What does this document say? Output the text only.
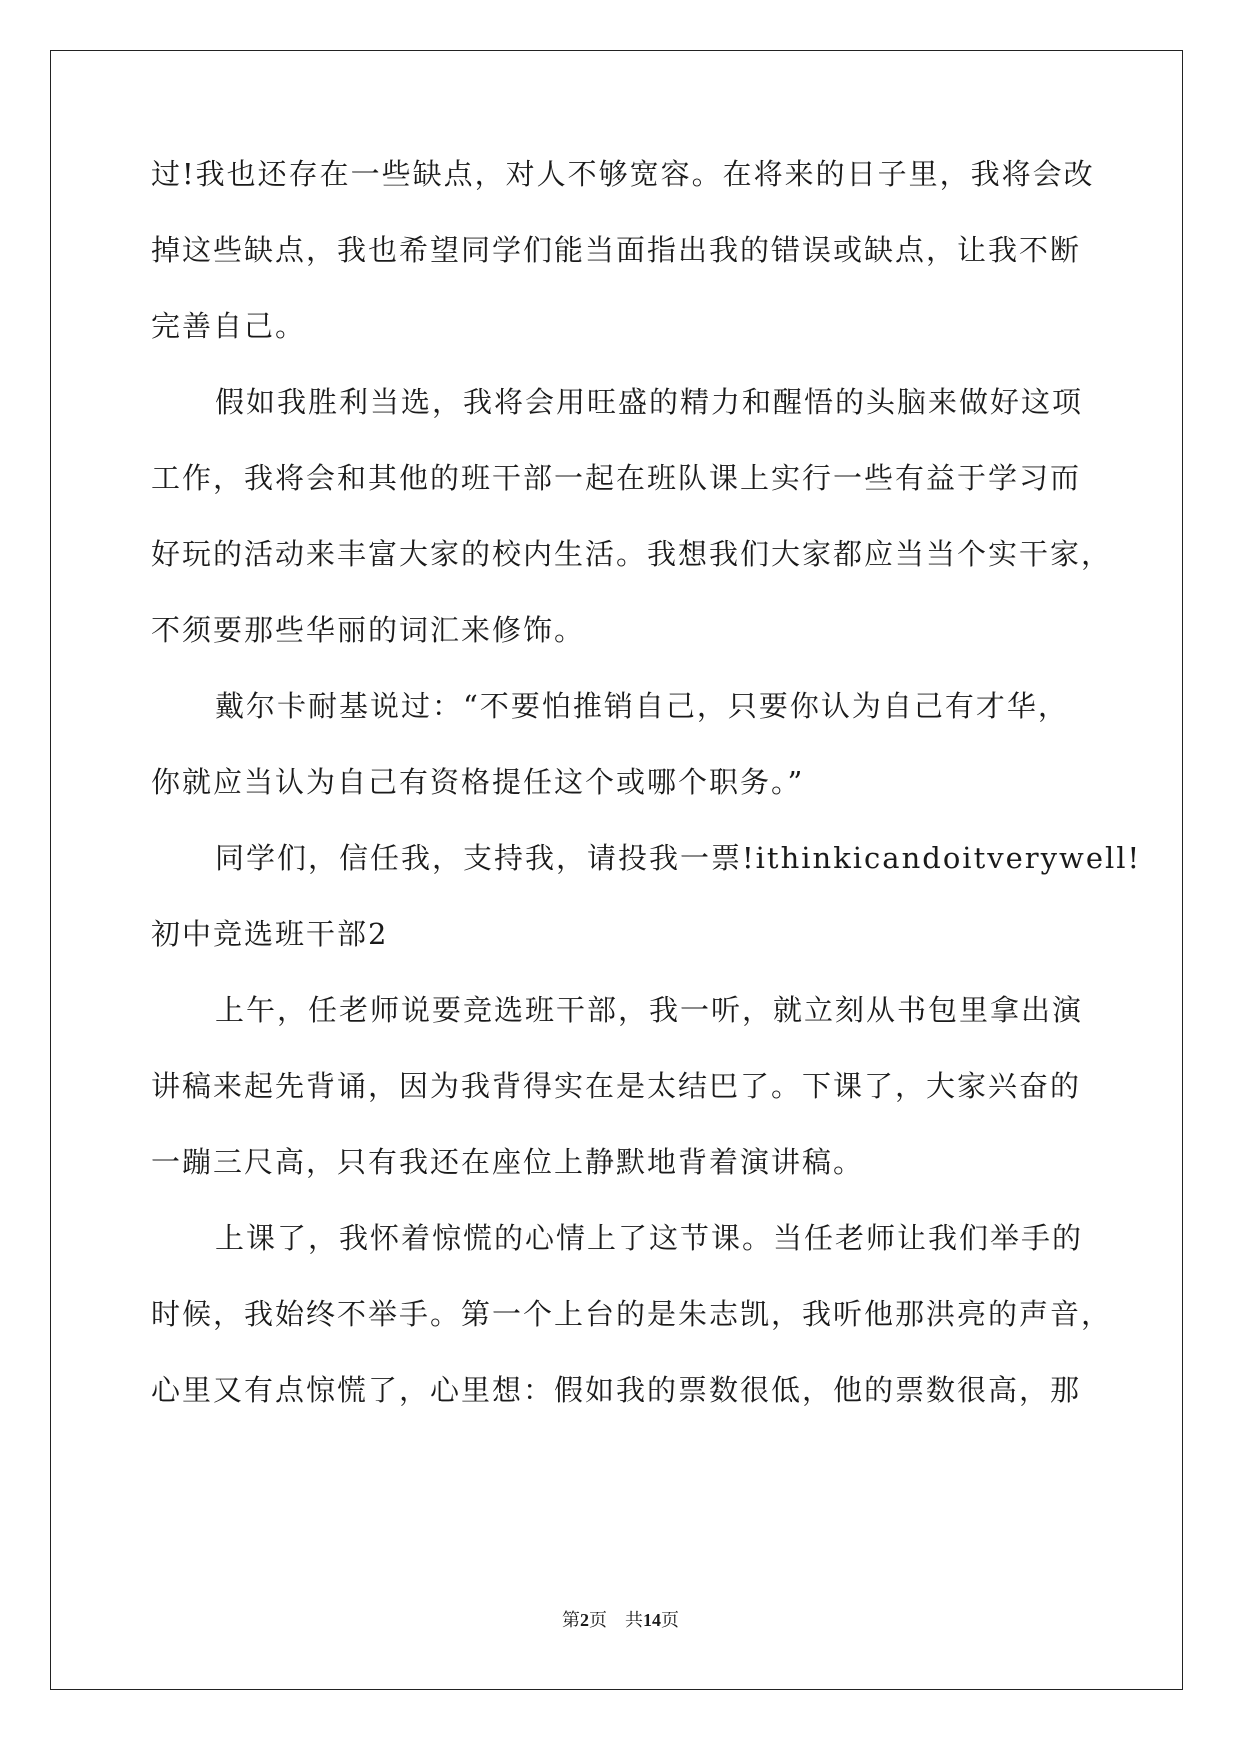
过!我也还存在一些缺点，对人不够宽容。在将来的日子里，我将会改
掉这些缺点，我也希望同学们能当面指出我的错误或缺点，让我不断
完善自己。
假如我胜利当选，我将会用旺盛的精力和醒悟的头脑来做好这项
工作，我将会和其他的班干部一起在班队课上实行一些有益于学习而
好玩的活动来丰富大家的校内生活。我想我们大家都应当当个实干家，
不须要那些华丽的词汇来修饰。
戴尔卡耐基说过：“不要怕推销自己，只要你认为自己有才华，
你就应当认为自己有资格提任这个或哪个职务。”
同学们，信任我，支持我，请投我一票!ithinkicandoitverywell!
初中竞选班干部2
上午，任老师说要竞选班干部，我一听，就立刻从书包里拿出演
讲稿来起先背诵，因为我背得实在是太结巴了。下课了，大家兴奋的
一蹦三尺高，只有我还在座位上静默地背着演讲稿。
上课了，我怀着惊慌的心情上了这节课。当任老师让我们举手的
时候，我始终不举手。第一个上台的是朱志凯，我听他那洪亮的声音，
心里又有点惊慌了，心里想：假如我的票数很低，他的票数很高，那
第2页 共14页
